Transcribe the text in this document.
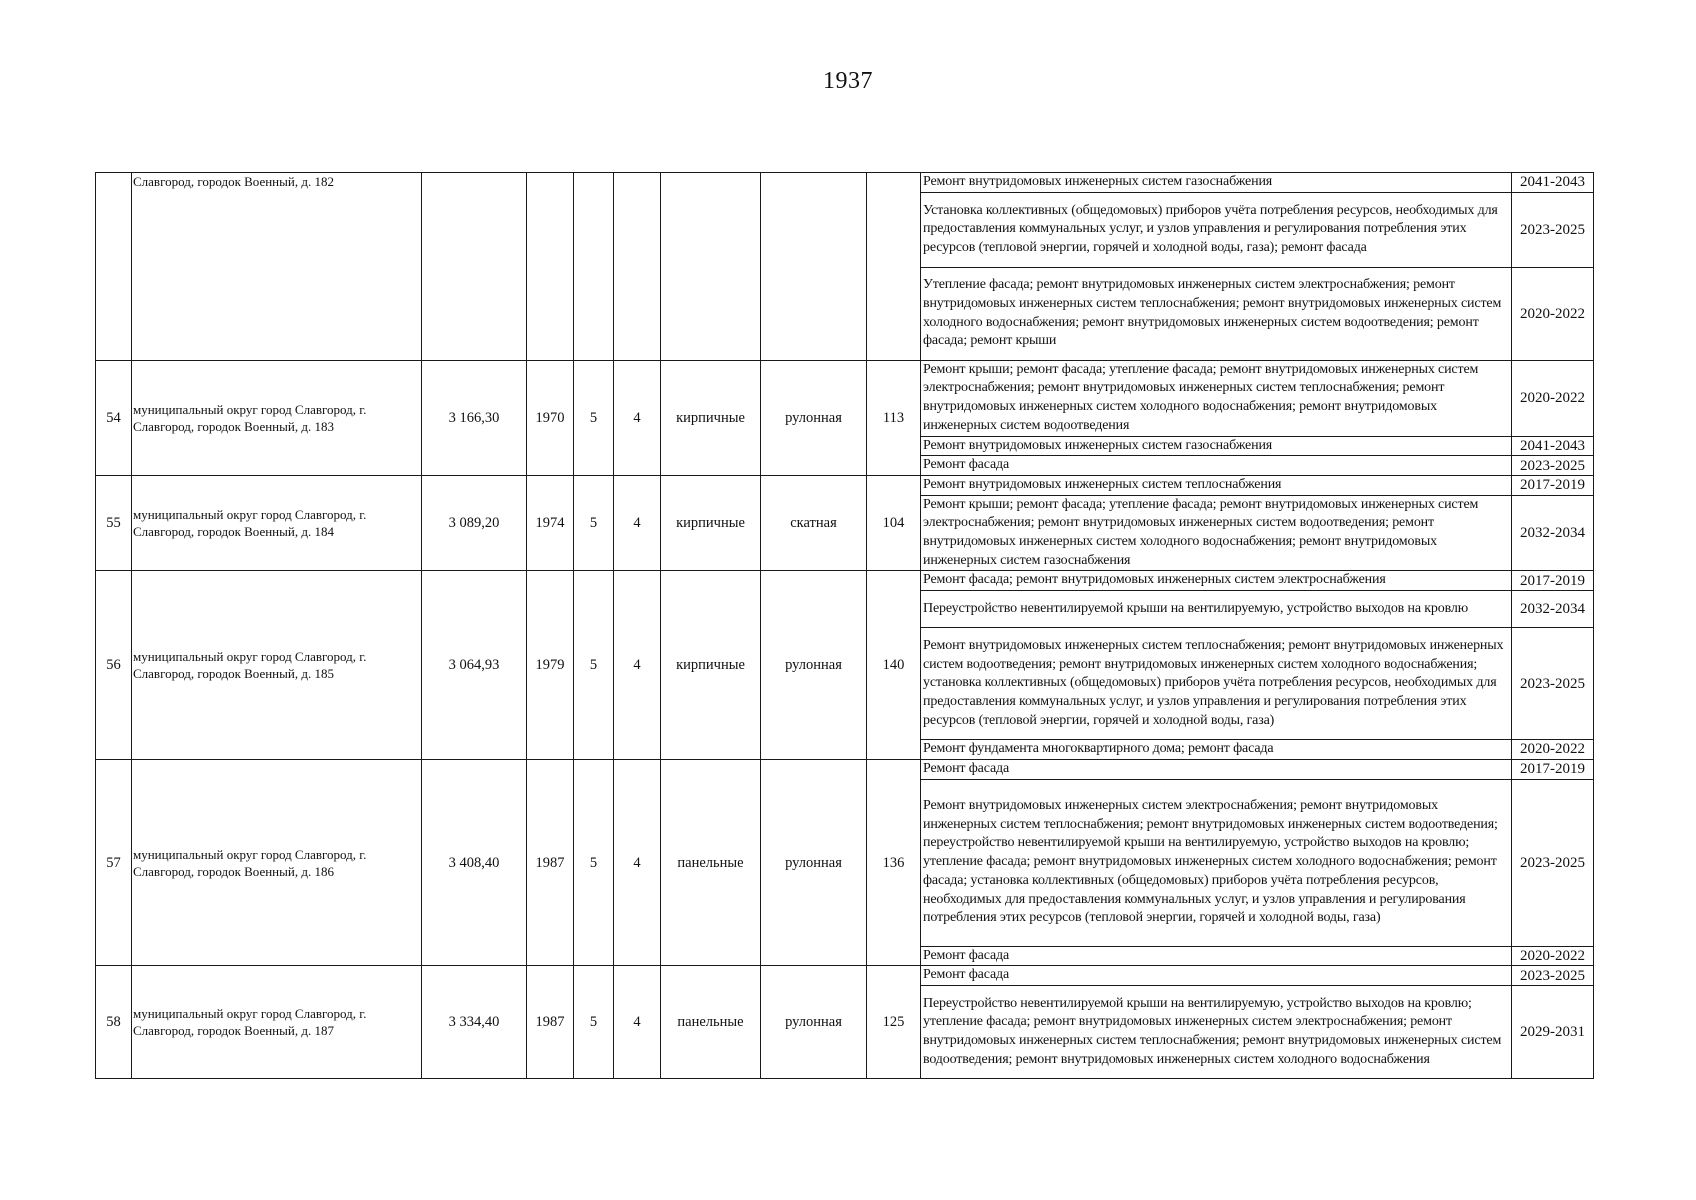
1937
	Славгород, городок Военный, д. 182								Ремонт внутридомовых инженерных систем газоснабжения	2041-2043
									Установка коллективных (общедомовых) приборов учёта потребления ресурсов, необходимых для предоставления коммунальных услуг, и узлов управления и регулирования потребления этих ресурсов (тепловой энергии, горячей и холодной воды, газа); ремонт фасада	2023-2025
									Утепление фасада; ремонт внутридомовых инженерных систем электроснабжения; ремонт внутридомовых инженерных систем теплоснабжения; ремонт внутридомовых инженерных систем холодного водоснабжения; ремонт внутридомовых инженерных систем водоотведения; ремонт фасада; ремонт крыши	2020-2022
54	муниципальный округ город Славгород, г. Славгород, городок Военный, д. 183	3 166,30	1970	5	4	кирпичные	рулонная	113	Ремонт крыши; ремонт фасада; утепление фасада; ремонт внутридомовых инженерных систем электроснабжения; ремонт внутридомовых инженерных систем теплоснабжения; ремонт внутридомовых инженерных систем холодного водоснабжения; ремонт внутридомовых инженерных систем водоотведения	2020-2022
									Ремонт внутридомовых инженерных систем газоснабжения	2041-2043
									Ремонт фасада	2023-2025
55	муниципальный округ город Славгород, г. Славгород, городок Военный, д. 184	3 089,20	1974	5	4	кирпичные	скатная	104	Ремонт внутридомовых инженерных систем теплоснабжения	2017-2019
									Ремонт крыши; ремонт фасада; утепление фасада; ремонт внутридомовых инженерных систем электроснабжения; ремонт внутридомовых инженерных систем водоотведения; ремонт внутридомовых инженерных систем холодного водоснабжения; ремонт внутридомовых инженерных систем газоснабжения	2032-2034
56	муниципальный округ город Славгород, г. Славгород, городок Военный, д. 185	3 064,93	1979	5	4	кирпичные	рулонная	140	Ремонт фасада; ремонт внутридомовых инженерных систем электроснабжения	2017-2019
									Переустройство невентилируемой крыши на вентилируемую, устройство выходов на кровлю	2032-2034
									Ремонт внутридомовых инженерных систем теплоснабжения; ремонт внутридомовых инженерных систем водоотведения; ремонт внутридомовых инженерных систем холодного водоснабжения; установка коллективных (общедомовых) приборов учёта потребления ресурсов, необходимых для предоставления коммунальных услуг, и узлов управления и регулирования потребления этих ресурсов (тепловой энергии, горячей и холодной воды, газа)	2023-2025
									Ремонт фундамента многоквартирного дома; ремонт фасада	2020-2022
57	муниципальный округ город Славгород, г. Славгород, городок Военный, д. 186	3 408,40	1987	5	4	панельные	рулонная	136	Ремонт фасада	2017-2019
									Ремонт внутридомовых инженерных систем электроснабжения; ремонт внутридомовых инженерных систем теплоснабжения; ремонт внутридомовых инженерных систем водоотведения; переустройство невентилируемой крыши на вентилируемую, устройство выходов на кровлю; утепление фасада; ремонт внутридомовых инженерных систем холодного водоснабжения; ремонт фасада; установка коллективных (общедомовых) приборов учёта потребления ресурсов, необходимых для предоставления коммунальных услуг, и узлов управления и регулирования потребления этих ресурсов (тепловой энергии, горячей и холодной воды, газа)	2023-2025
									Ремонт фасада	2020-2022
58	муниципальный округ город Славгород, г. Славгород, городок Военный, д. 187	3 334,40	1987	5	4	панельные	рулонная	125	Ремонт фасада	2023-2025
									Переустройство невентилируемой крыши на вентилируемую, устройство выходов на кровлю; утепление фасада; ремонт внутридомовых инженерных систем электроснабжения; ремонт внутридомовых инженерных систем теплоснабжения; ремонт внутридомовых инженерных систем водоотведения; ремонт внутридомовых инженерных систем холодного водоснабжения	2029-2031
